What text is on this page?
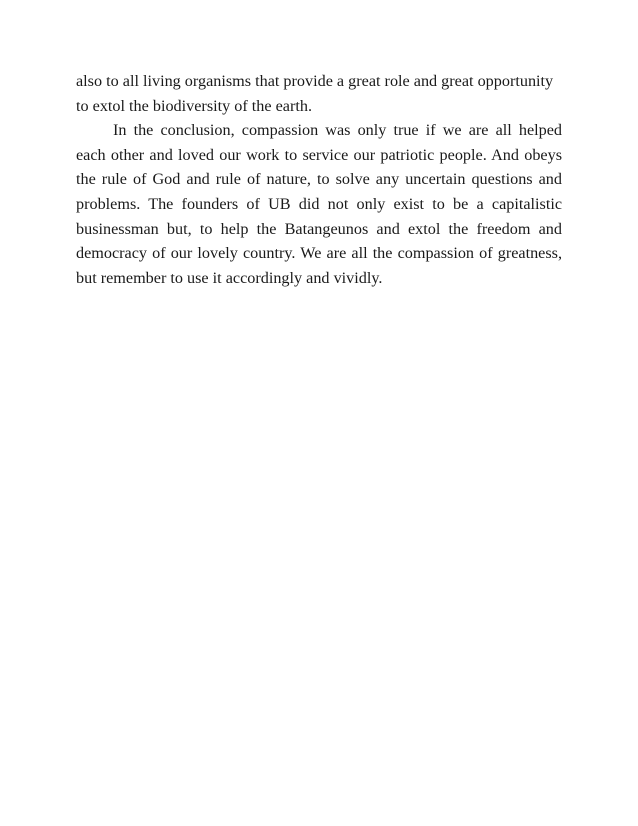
also to all living organisms that provide a great role and great opportunity
to extol the biodiversity of the earth.

In the conclusion, compassion was only true if we are all helped each other and loved our work to service our patriotic people. And obeys the rule of God and rule of nature, to solve any uncertain questions and problems. The founders of UB did not only exist to be a capitalistic businessman but, to help the Batangeunos and extol the freedom and democracy of our lovely country. We are all the compassion of greatness, but remember to use it accordingly and vividly.
